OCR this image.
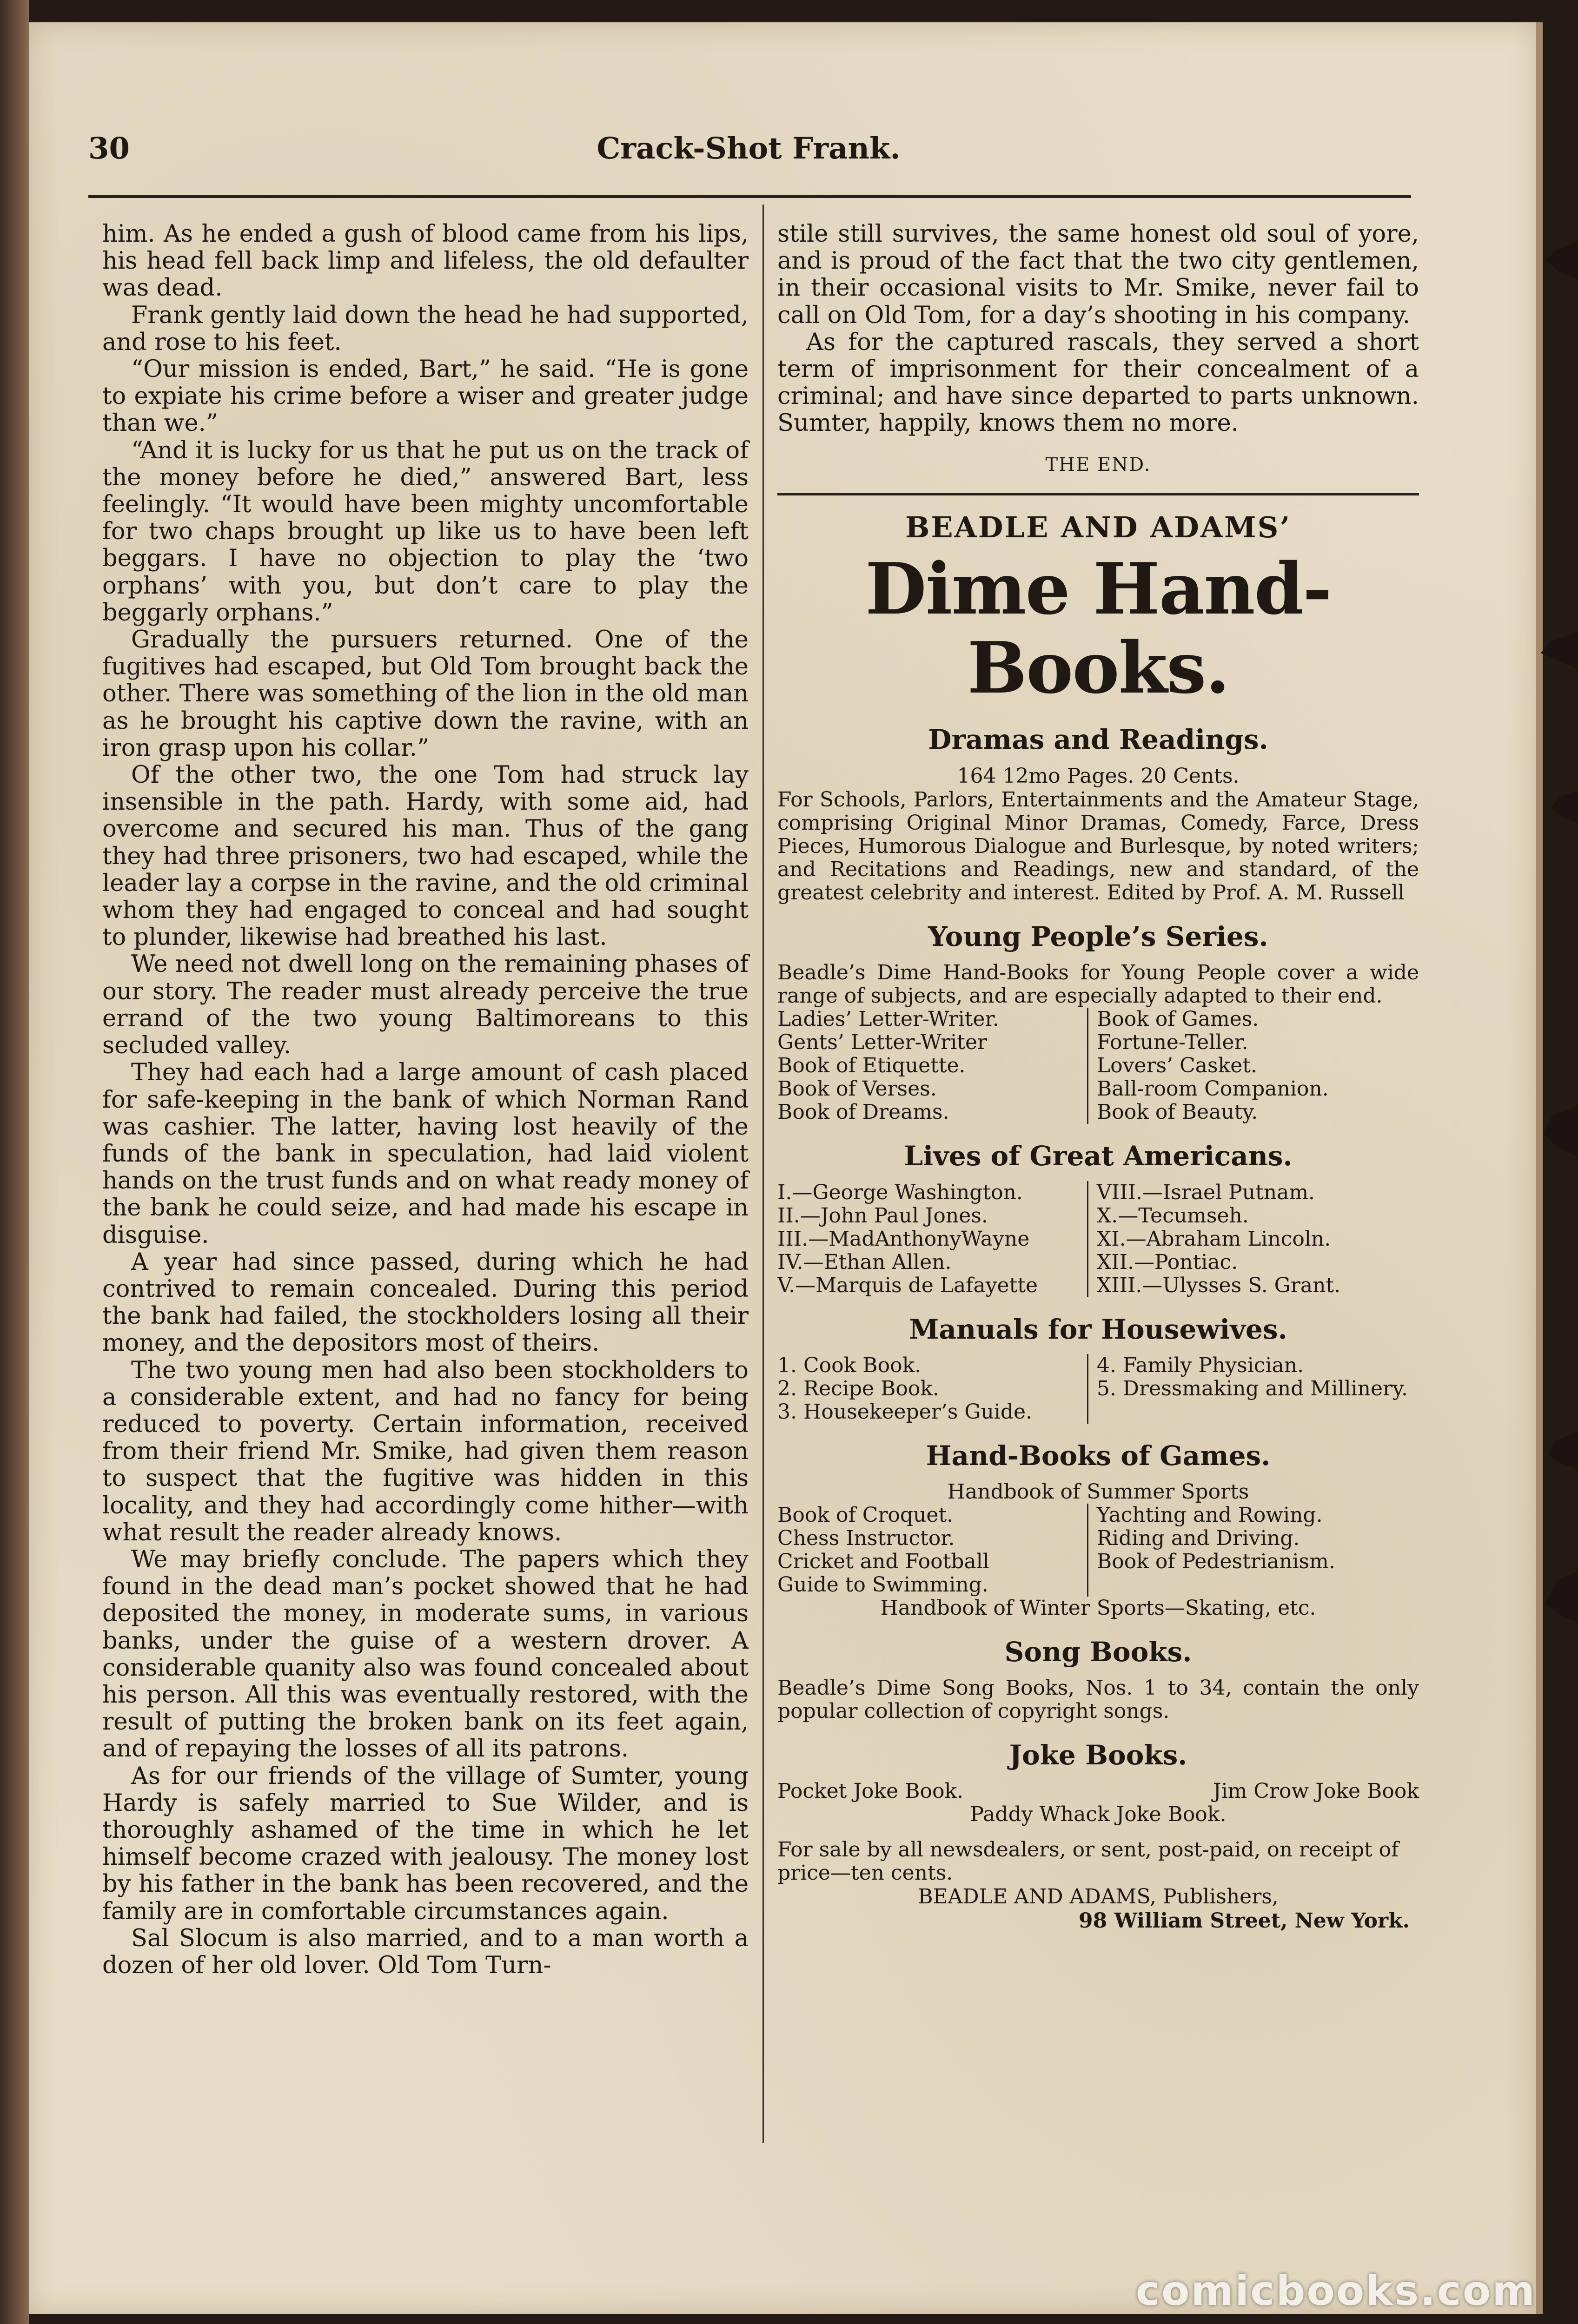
Crack-Shot Frank.
30

him. As he ended a gush of blood came from his lips, his head fell back limp and lifeless, the old defaulter was dead.

Frank gently laid down the head he had supported, and rose to his feet.

“Our mission is ended, Bart,” he said. “He is gone to expiate his crime before a wiser and greater judge than we.”

“And it is lucky for us that he put us on the track of the money before he died,” answered Bart, less feelingly. “It would have been mighty uncomfortable for two chaps brought up like us to have been left beggars. I have no objection to play the ‘two orphans’ with you, but don’t care to play the beggarly orphans.”

Gradually the pursuers returned. One of the fugitives had escaped, but Old Tom brought back the other. There was something of the lion in the old man as he brought his captive down the ravine, with an iron grasp upon his collar.”

Of the other two, the one Tom had struck lay insensible in the path. Hardy, with some aid, had overcome and secured his man. Thus of the gang they had three prisoners, two had escaped, while the leader lay a corpse in the ravine, and the old criminal whom they had engaged to conceal and had sought to plunder, likewise had breathed his last.

We need not dwell long on the remaining phases of our story. The reader must already perceive the true errand of the two young Baltimoreans to this secluded valley.

They had each had a large amount of cash placed for safe-keeping in the bank of which Norman Rand was cashier. The latter, having lost heavily of the funds of the bank in speculation, had laid violent hands on the trust funds and on what ready money of the bank he could seize, and had made his escape in disguise.

A year had since passed, during which he had contrived to remain concealed. During this period the bank had failed, the stockholders losing all their money, and the depositors most of theirs.

The two young men had also been stockholders to a considerable extent, and had no fancy for being reduced to poverty. Certain information, received from their friend Mr. Smike, had given them reason to suspect that the fugitive was hidden in this locality, and they had accordingly come hither—with what result the reader already knows.

We may briefly conclude. The papers which they found in the dead man’s pocket showed that he had deposited the money, in moderate sums, in various banks, under the guise of a western drover. A considerable quanity also was found concealed about his person. All this was eventually restored, with the result of putting the broken bank on its feet again, and of repaying the losses of all its patrons.

As for our friends of the village of Sumter, young Hardy is safely married to Sue Wilder, and is thoroughly ashamed of the time in which he let himself become crazed with jealousy. The money lost by his father in the bank has been recovered, and the family are in comfortable circumstances again.

Sal Slocum is also married, and to a man worth a dozen of her old lover. Old Tom Turn-

stile still survives, the same honest old soul of yore, and is proud of the fact that the two city gentlemen, in their occasional visits to Mr. Smike, never fail to call on Old Tom, for a day’s shooting in his company.

As for the captured rascals, they served a short term of imprisonment for their concealment of a criminal; and have since departed to parts unknown. Sumter, happily, knows them no more.

THE END.
BEADLE AND ADAMS’
Dime Hand-Books.
Dramas and Readings.
164 12mo Pages. 20 Cents.
For Schools, Parlors, Entertainments and the Amateur Stage, comprising Original Minor Dramas, Comedy, Farce, Dress Pieces, Humorous Dialogue and Burlesque, by noted writers; and Recitations and Readings, new and standard, of the greatest celebrity and interest. Edited by Prof. A. M. Russell
Young People’s Series.
Beadle’s Dime Hand-Books for Young People cover a wide range of subjects, and are especially adapted to their end.
Ladies’ Letter-Writer.
Gents’ Letter-Writer
Book of Etiquette.
Book of Verses.
Book of Dreams.
Book of Games.
Fortune-Teller.
Lovers’ Casket.
Ball-room Companion.
Book of Beauty.
Lives of Great Americans.
I.—George Washington.
II.—John Paul Jones.
III.—MadAnthonyWayne
IV.—Ethan Allen.
V.—Marquis de Lafayette
VIII.—Israel Putnam.
X.—Tecumseh.
XI.—Abraham Lincoln.
XII.—Pontiac.
XIII.—Ulysses S. Grant.
Manuals for Housewives.
1. Cook Book.
2. Recipe Book.
3. Housekeeper’s Guide.
4. Family Physician.
5. Dressmaking and Millinery.
Hand-Books of Games.
Handbook of Summer Sports
Book of Croquet.
Chess Instructor.
Cricket and Football
Guide to Swimming.
Yachting and Rowing.
Riding and Driving.
Book of Pedestrianism.
Handbook of Winter Sports—Skating, etc.
Song Books.
Beadle’s Dime Song Books, Nos. 1 to 34, contain the only popular collection of copyright songs.
Joke Books.
Pocket Joke Book.	Jim Crow Joke Book
Paddy Whack Joke Book.
For sale by all newsdealers, or sent, post-paid, on receipt of price—ten cents.
BEADLE AND ADAMS, Publishers,
98 William Street, New York.
comicbooks.com
